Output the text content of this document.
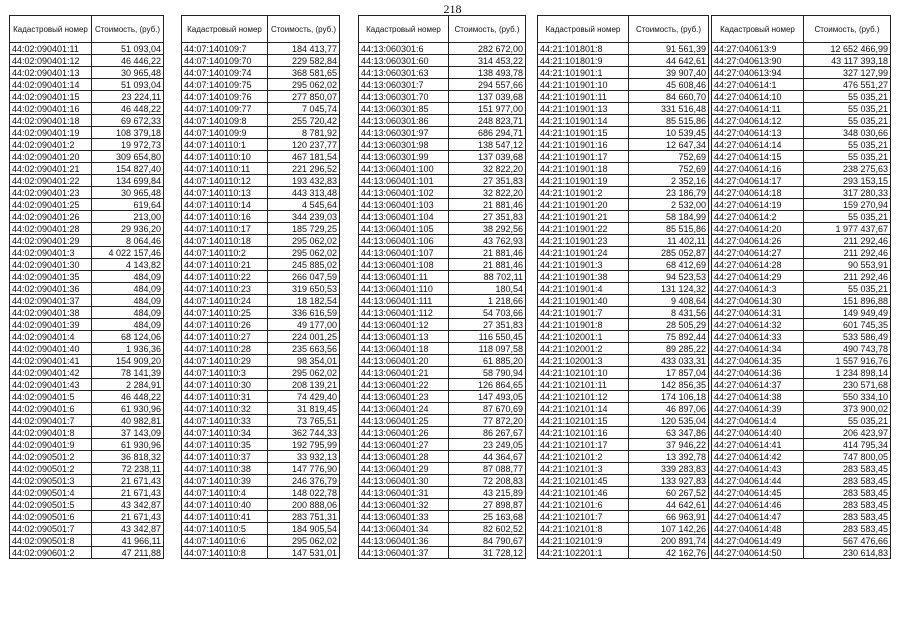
218
Кадастровый номер	Стоимость, (руб.)
44:02:090401:11	51 093,04
44:02:090401:12	46 446,22
44:02:090401:13	30 965,48
44:02:090401:14	51 093,04
44:02:090401:15	23 224,11
44:02:090401:16	46 448,22
44:02:090401:18	69 672,33
44:02:090401:19	108 379,18
44:02:090401:2	19 972,73
44:02:090401:20	309 654,80
44:02:090401:21	154 827,40
44:02:090401:22	134 699,84
44:02:090401:23	30 965,48
44:02:090401:25	619,64
44:02:090401:26	213,00
44:02:090401:28	29 936,20
44:02:090401:29	8 064,46
44:02:090401:3	4 022 157,46
44:02:090401:30	4 143,82
44:02:090401:35	484,09
44:02:090401:36	484,09
44:02:090401:37	484,09
44:02:090401:38	484,09
44:02:090401:39	484,09
44:02:090401:4	68 124,06
44:02:090401:40	1 936,36
44:02:090401:41	154 909,20
44:02:090401:42	78 141,39
44:02:090401:43	2 284,91
44:02:090401:5	46 448,22
44:02:090401:6	61 930,96
44:02:090401:7	40 982,81
44:02:090401:8	37 143,09
44:02:090401:9	61 930,96
44:02:090501:2	36 818,32
44:02:090501:2	72 238,11
44:02:090501:3	21 671,43
44:02:090501:4	21 671,43
44:02:090501:5	43 342,87
44:02:090501:6	21 671,43
44:02:090501:7	43 342,87
44:02:090501:8	41 966,11
44:02:090601:2	47 211,88
Кадастровый номер	Стоимость, (руб.)
44:07:140109:7	184 413,77
44:07:140109:70	229 582,84
44:07:140109:74	368 581,65
44:07:140109:75	295 062,02
44:07:140109:76	277 850,07
44:07:140109:77	7 045,74
44:07:140109:8	255 720,42
44:07:140109:9	8 781,92
44:07:140110:1	120 237,77
44:07:140110:10	467 181,54
44:07:140110:11	221 296,52
44:07:140110:12	193 432,83
44:07:140110:13	443 313,48
44:07:140110:14	4 545,64
44:07:140110:16	344 239,03
44:07:140110:17	185 729,25
44:07:140110:18	295 062,02
44:07:140110:2	295 062,02
44:07:140110:21	245 885,02
44:07:140110:22	266 047,59
44:07:140110:23	319 650,53
44:07:140110:24	18 182,54
44:07:140110:25	336 616,59
44:07:140110:26	49 177,00
44:07:140110:27	224 001,25
44:07:140110:28	235 663,56
44:07:140110:29	98 354,01
44:07:140110:3	295 062,02
44:07:140110:30	208 139,21
44:07:140110:31	74 429,40
44:07:140110:32	31 819,45
44:07:140110:33	73 765,51
44:07:140110:34	362 744,33
44:07:140110:35	192 795,99
44:07:140110:37	33 932,13
44:07:140110:38	147 776,90
44:07:140110:39	246 376,79
44:07:140110:4	148 022,78
44:07:140110:40	200 888,06
44:07:140110:41	283 751,31
44:07:140110:5	184 905,54
44:07:140110:6	295 062,02
44:07:140110:8	147 531,01
Кадастровый номер	Стоимость, (руб.)
44:13:060301:6	282 672,00
44:13:060301:60	314 453,22
44:13:060301:63	138 493,78
44:13:060301:7	294 557,66
44:13:060301:70	137 039,68
44:13:060301:85	151 977,00
44:13:060301:86	248 823,71
44:13:060301:97	686 294,71
44:13:060301:98	138 547,12
44:13:060301:99	137 039,68
44:13:060401:100	32 822,20
44:13:060401:101	27 351,83
44:13:060401:102	32 822,20
44:13:060401:103	21 881,46
44:13:060401:104	27 351,83
44:13:060401:105	38 292,56
44:13:060401:106	43 762,93
44:13:060401:107	21 881,46
44:13:060401:108	21 881,46
44:13:060401:11	88 702,11
44:13:060401:110	180,54
44:13:060401:111	1 218,66
44:13:060401:112	54 703,66
44:13:060401:12	27 351,83
44:13:060401:13	116 550,45
44:13:060401:18	118 097,58
44:13:060401:20	61 885,20
44:13:060401:21	58 790,94
44:13:060401:22	126 864,65
44:13:060401:23	147 493,05
44:13:060401:24	87 670,69
44:13:060401:25	77 872,20
44:13:060401:26	86 267,67
44:13:060401:27	23 249,05
44:13:060401:28	44 364,67
44:13:060401:29	87 088,77
44:13:060401:30	72 208,83
44:13:060401:31	43 215,89
44:13:060401:32	27 898,87
44:13:060401:33	25 163,68
44:13:060401:34	82 602,52
44:13:060401:36	84 790,67
44:13:060401:37	31 728,12
Кадастровый номер	Стоимость, (руб.)
44:21:101801:8	91 561,39
44:21:101801:9	44 642,61
44:21:101901:1	39 907,40
44:21:101901:10	45 608,46
44:21:101901:11	84 660,70
44:21:101901:13	331 516,48
44:21:101901:14	85 515,86
44:21:101901:15	10 539,45
44:21:101901:16	12 647,34
44:21:101901:17	752,69
44:21:101901:18	752,69
44:21:101901:19	2 352,16
44:21:101901:2	23 186,79
44:21:101901:20	2 532,00
44:21:101901:21	58 184,99
44:21:101901:22	85 515,86
44:21:101901:23	11 402,11
44:21:101901:24	285 052,87
44:21:101901:3	68 412,69
44:21:101901:38	94 523,53
44:21:101901:4	131 124,32
44:21:101901:40	9 408,64
44:21:101901:7	8 431,56
44:21:101901:8	28 505,29
44:21:102001:1	75 892,44
44:21:102001:2	89 285,22
44:21:102001:3	433 033,31
44:21:102101:10	17 857,04
44:21:102101:11	142 856,35
44:21:102101:12	174 106,18
44:21:102101:14	46 897,06
44:21:102101:15	120 535,04
44:21:102101:16	63 347,86
44:21:102101:17	37 946,22
44:21:102101:2	13 392,78
44:21:102101:3	339 283,83
44:21:102101:45	133 927,83
44:21:102101:46	60 267,52
44:21:102101:6	44 642,61
44:21:102101:7	66 963,91
44:21:102101:8	107 142,26
44:21:102101:9	200 891,74
44:21:102201:1	42 162,76
Кадастровый номер	Стоимость, (руб.)
44:27:040613:9	12 652 466,99
44:27:040613:90	43 117 393,18
44:27:040613:94	327 127,99
44:27:040614:1	476 551,27
44:27:040614:10	55 035,21
44:27:040614:11	55 035,21
44:27:040614:12	55 035,21
44:27:040614:13	348 030,66
44:27:040614:14	55 035,21
44:27:040614:15	55 035,21
44:27:040614:16	238 275,63
44:27:040614:17	293 153,15
44:27:040614:18	317 280,33
44:27:040614:19	159 270,94
44:27:040614:2	55 035,21
44:27:040614:20	1 977 437,67
44:27:040614:26	211 292,46
44:27:040614:27	211 292,46
44:27:040614:28	90 553,91
44:27:040614:29	211 292,46
44:27:040614:3	55 035,21
44:27:040614:30	151 896,88
44:27:040614:31	149 949,49
44:27:040614:32	601 745,35
44:27:040614:33	533 586,49
44:27:040614:34	490 743,78
44:27:040614:35	1 557 916,76
44:27:040614:36	1 234 898,14
44:27:040614:37	230 571,68
44:27:040614:38	550 334,10
44:27:040614:39	373 900,02
44:27:040614:4	55 035,21
44:27:040614:40	206 423,97
44:27:040614:41	414 795,34
44:27:040614:42	747 800,05
44:27:040614:43	283 583,45
44:27:040614:44	283 583,45
44:27:040614:45	283 583,45
44:27:040614:46	283 583,45
44:27:040614:47	283 583,45
44:27:040614:48	283 583,45
44:27:040614:49	567 476,66
44:27:040614:50	230 614,83
